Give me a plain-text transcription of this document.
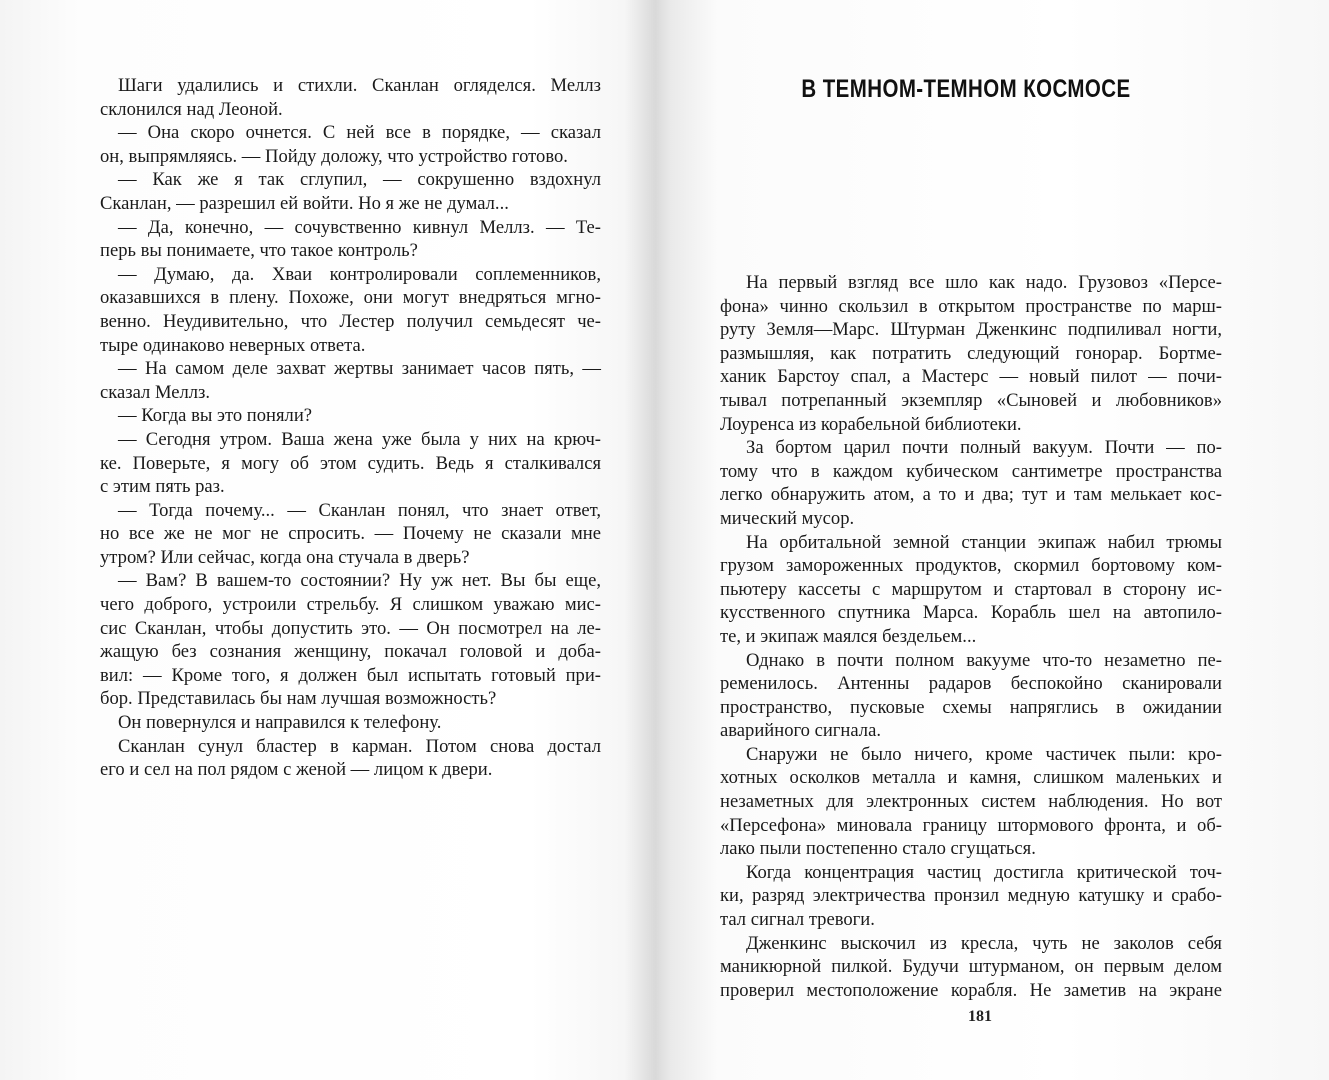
Шаги удалились и стихли. Сканлан огляделся. Меллз
склонился над Леоной.
— Она скоро очнется. С ней все в порядке, — сказал
он, выпрямляясь. — Пойду доложу, что устройство готово.
— Как же я так сглупил, — сокрушенно вздохнул
Сканлан, — разрешил ей войти. Но я же не думал...
— Да, конечно, — сочувственно кивнул Меллз. — Те-
перь вы понимаете, что такое контроль?
— Думаю, да. Хваи контролировали соплеменников,
оказавшихся в плену. Похоже, они могут внедряться мгно-
венно. Неудивительно, что Лестер получил семьдесят че-
тыре одинаково неверных ответа.
— На самом деле захват жертвы занимает часов пять, —
сказал Меллз.
— Когда вы это поняли?
— Сегодня утром. Ваша жена уже была у них на крюч-
ке. Поверьте, я могу об этом судить. Ведь я сталкивался
с этим пять раз.
— Тогда почему... — Сканлан понял, что знает ответ,
но все же не мог не спросить. — Почему не сказали мне
утром? Или сейчас, когда она стучала в дверь?
— Вам? В вашем-то состоянии? Ну уж нет. Вы бы еще,
чего доброго, устроили стрельбу. Я слишком уважаю мис-
сис Сканлан, чтобы допустить это. — Он посмотрел на ле-
жащую без сознания женщину, покачал головой и доба-
вил: — Кроме того, я должен был испытать готовый при-
бор. Представилась бы нам лучшая возможность?
Он повернулся и направился к телефону.
Сканлан сунул бластер в карман. Потом снова достал
его и сел на пол рядом с женой — лицом к двери.
В ТЕМНОМ-ТЕМНОМ КОСМОСЕ
На первый взгляд все шло как надо. Грузовоз «Персе-
фона» чинно скользил в открытом пространстве по марш-
руту Земля—Марс. Штурман Дженкинс подпиливал ногти,
размышляя, как потратить следующий гонорар. Бортме-
ханик Барстоу спал, а Мастерс — новый пилот — почи-
тывал потрепанный экземпляр «Сыновей и любовников»
Лоуренса из корабельной библиотеки.
За бортом царил почти полный вакуум. Почти — по-
тому что в каждом кубическом сантиметре пространства
легко обнаружить атом, а то и два; тут и там мелькает кос-
мический мусор.
На орбитальной земной станции экипаж набил трюмы
грузом замороженных продуктов, скормил бортовому ком-
пьютеру кассеты с маршрутом и стартовал в сторону ис-
кусственного спутника Марса. Корабль шел на автопило-
те, и экипаж маялся бездельем...
Однако в почти полном вакууме что-то незаметно пе-
ременилось. Антенны радаров беспокойно сканировали
пространство, пусковые схемы напряглись в ожидании
аварийного сигнала.
Снаружи не было ничего, кроме частичек пыли: кро-
хотных осколков металла и камня, слишком маленьких и
незаметных для электронных систем наблюдения. Но вот
«Персефона» миновала границу штормового фронта, и об-
лако пыли постепенно стало сгущаться.
Когда концентрация частиц достигла критической точ-
ки, разряд электричества пронзил медную катушку и срабо-
тал сигнал тревоги.
Дженкинс выскочил из кресла, чуть не заколов себя
маникюрной пилкой. Будучи штурманом, он первым делом
проверил местоположение корабля. Не заметив на экране
181
